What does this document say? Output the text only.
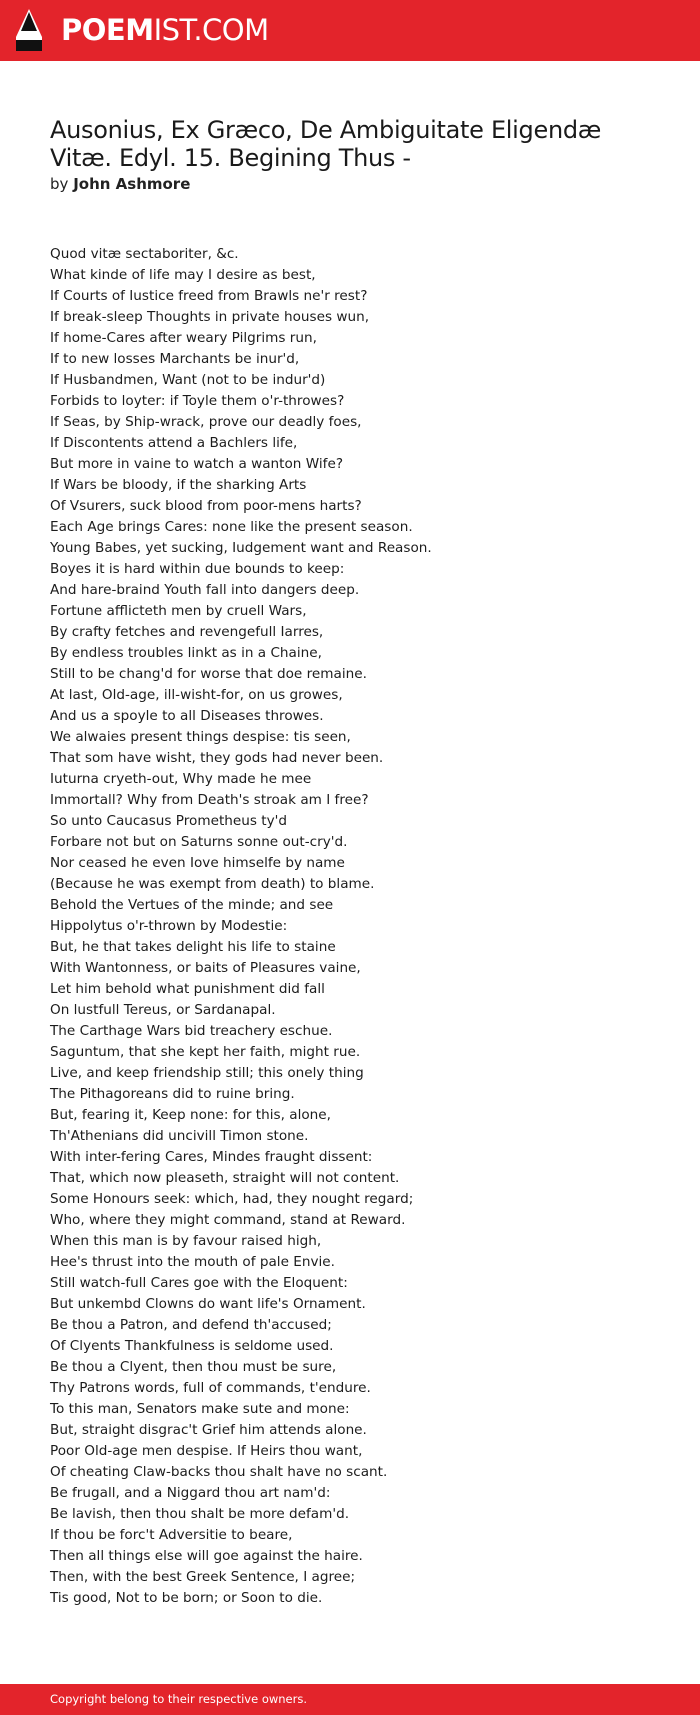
POEMIST.COM
Ausonius, Ex Græco, De Ambiguitate Eligendæ Vitæ. Edyl. 15. Begining Thus -
by John Ashmore
Quod vitæ sectaboriter, &c.
What kinde of life may I desire as best,
If Courts of Iustice freed from Brawls ne'r rest?
If break-sleep Thoughts in private houses wun,
If home-Cares after weary Pilgrims run,
If to new losses Marchants be inur'd,
If Husbandmen, Want (not to be indur'd)
Forbids to loyter: if Toyle them o'r-throwes?
If Seas, by Ship-wrack, prove our deadly foes,
If Discontents attend a Bachlers life,
But more in vaine to watch a wanton Wife?
If Wars be bloody, if the sharking Arts
Of Vsurers, suck blood from poor-mens harts?
Each Age brings Cares: none like the present season.
Young Babes, yet sucking, Iudgement want and Reason.
Boyes it is hard within due bounds to keep:
And hare-braind Youth fall into dangers deep.
Fortune afflicteth men by cruell Wars,
By crafty fetches and revengefull Iarres,
By endless troubles linkt as in a Chaine,
Still to be chang'd for worse that doe remaine.
At last, Old-age, ill-wisht-for, on us growes,
And us a spoyle to all Diseases throwes.
We alwaies present things despise: tis seen,
That som have wisht, they gods had never been.
Iuturna cryeth-out, Why made he mee
Immortall? Why from Death's stroak am I free?
So unto Caucasus Prometheus ty'd
Forbare not but on Saturns sonne out-cry'd.
Nor ceased he even Iove himselfe by name
(Because he was exempt from death) to blame.
Behold the Vertues of the minde; and see
Hippolytus o'r-thrown by Modestie:
But, he that takes delight his life to staine
With Wantonness, or baits of Pleasures vaine,
Let him behold what punishment did fall
On lustfull Tereus, or Sardanapal.
The Carthage Wars bid treachery eschue.
Saguntum, that she kept her faith, might rue.
Live, and keep friendship still; this onely thing
The Pithagoreans did to ruine bring.
But, fearing it, Keep none: for this, alone,
Th'Athenians did uncivill Timon stone.
With inter-fering Cares, Mindes fraught dissent:
That, which now pleaseth, straight will not content.
Some Honours seek: which, had, they nought regard;
Who, where they might command, stand at Reward.
When this man is by favour raised high,
Hee's thrust into the mouth of pale Envie.
Still watch-full Cares goe with the Eloquent:
But unkembd Clowns do want life's Ornament.
Be thou a Patron, and defend th'accused;
Of Clyents Thankfulness is seldome used.
Be thou a Clyent, then thou must be sure,
Thy Patrons words, full of commands, t'endure.
To this man, Senators make sute and mone:
But, straight disgrac't Grief him attends alone.
Poor Old-age men despise. If Heirs thou want,
Of cheating Claw-backs thou shalt have no scant.
Be frugall, and a Niggard thou art nam'd:
Be lavish, then thou shalt be more defam'd.
If thou be forc't Adversitie to beare,
Then all things else will goe against the haire.
Then, with the best Greek Sentence, I agree;
Tis good, Not to be born; or Soon to die.
Copyright belong to their respective owners.
